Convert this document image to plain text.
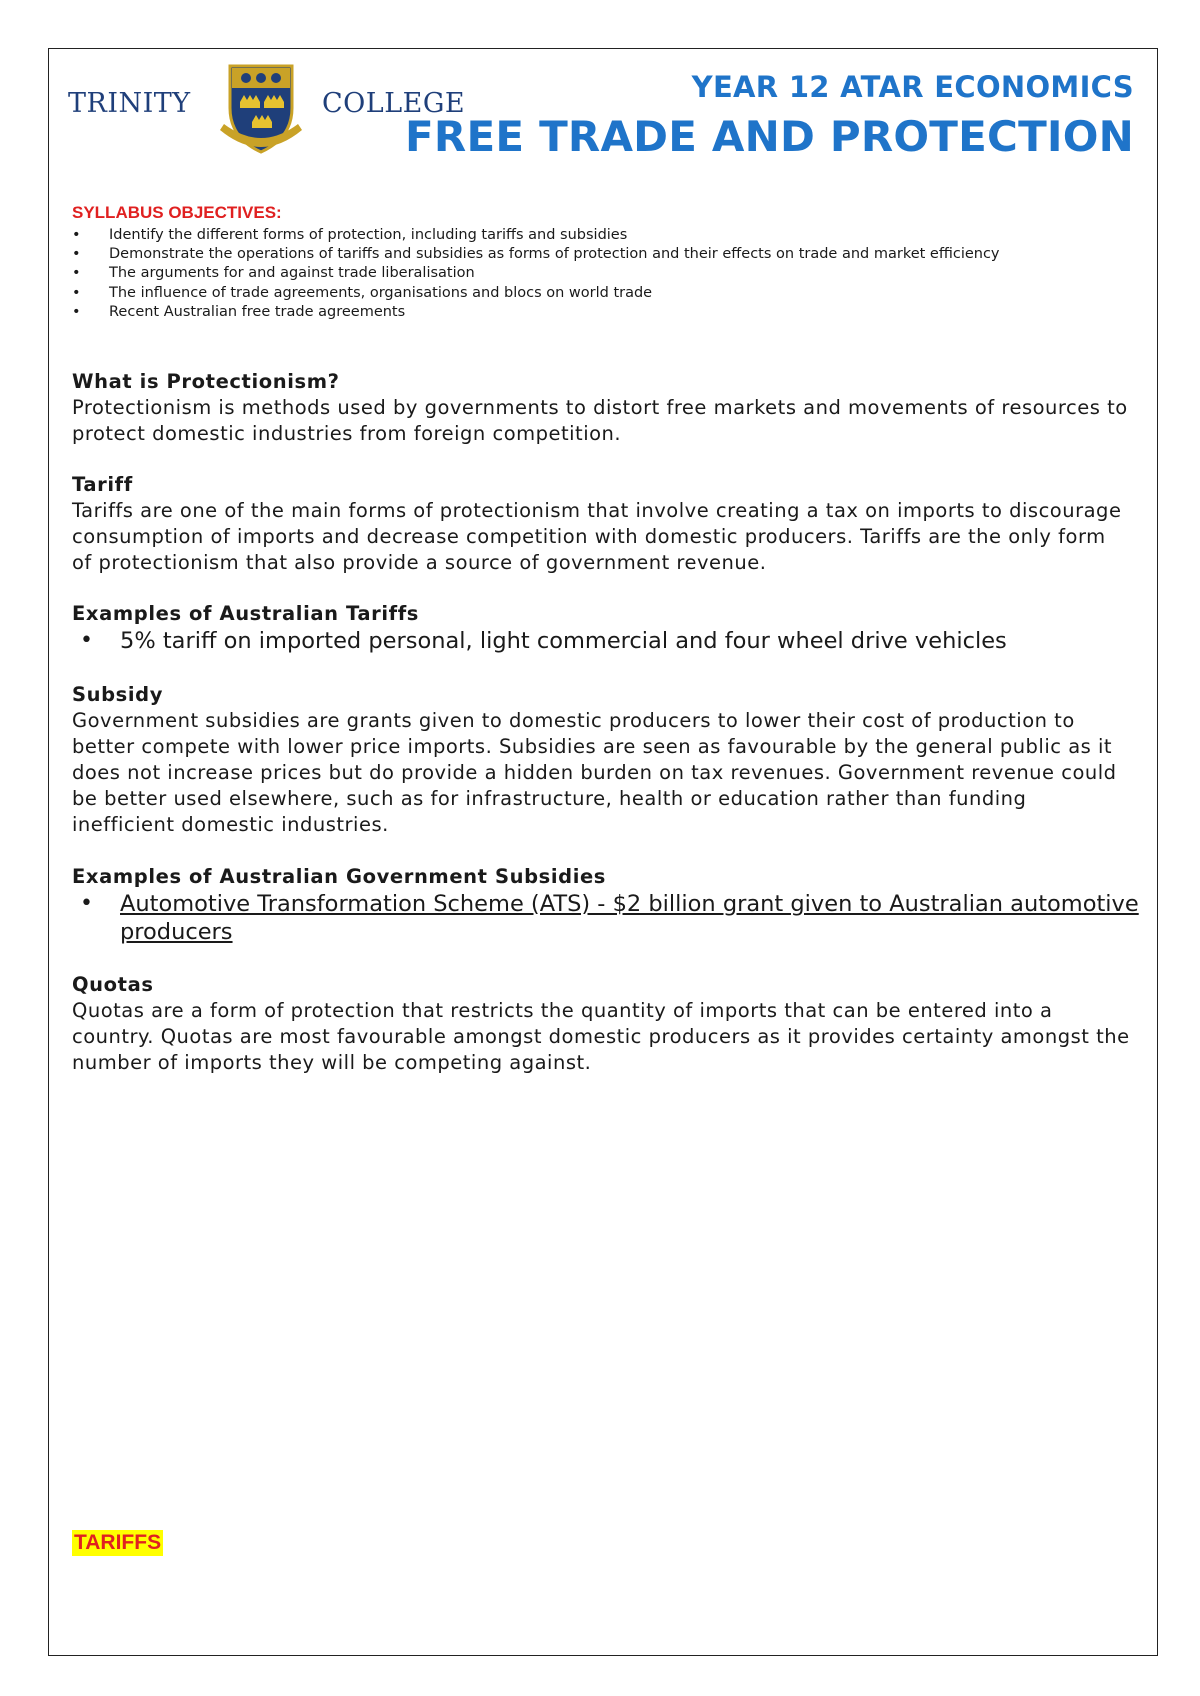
TRINITY	COLLEGE	YEAR 12 ATAR ECONOMICS
FREE TRADE AND PROTECTION
SYLLABUS OBJECTIVES:
• Identify the different forms of protection, including tariffs and subsidies
• Demonstrate the operations of tariffs and subsidies as forms of protection and their effects on trade and market efficiency
• The arguments for and against trade liberalisation
• The influence of trade agreements, organisations and blocs on world trade
• Recent Australian free trade agreements
What is Protectionism?
Protectionism is methods used by governments to distort free markets and movements of resources to protect domestic industries from foreign competition.
Tariff
Tariffs are one of the main forms of protectionism that involve creating a tax on imports to discourage consumption of imports and decrease competition with domestic producers. Tariffs are the only form of protectionism that also provide a source of government revenue.
Examples of Australian Tariffs
• 5% tariff on imported personal, light commercial and four wheel drive vehicles
Subsidy
Government subsidies are grants given to domestic producers to lower their cost of production to better compete with lower price imports. Subsidies are seen as favourable by the general public as it does not increase prices but do provide a hidden burden on tax revenues. Government revenue could be better used elsewhere, such as for infrastructure, health or education rather than funding inefficient domestic industries.
Examples of Australian Government Subsidies
• Automotive Transformation Scheme (ATS) - $2 billion grant given to Australian automotive producers
Quotas
Quotas are a form of protection that restricts the quantity of imports that can be entered into a country. Quotas are most favourable amongst domestic producers as it provides certainty amongst the number of imports they will be competing against.
TARIFFS
